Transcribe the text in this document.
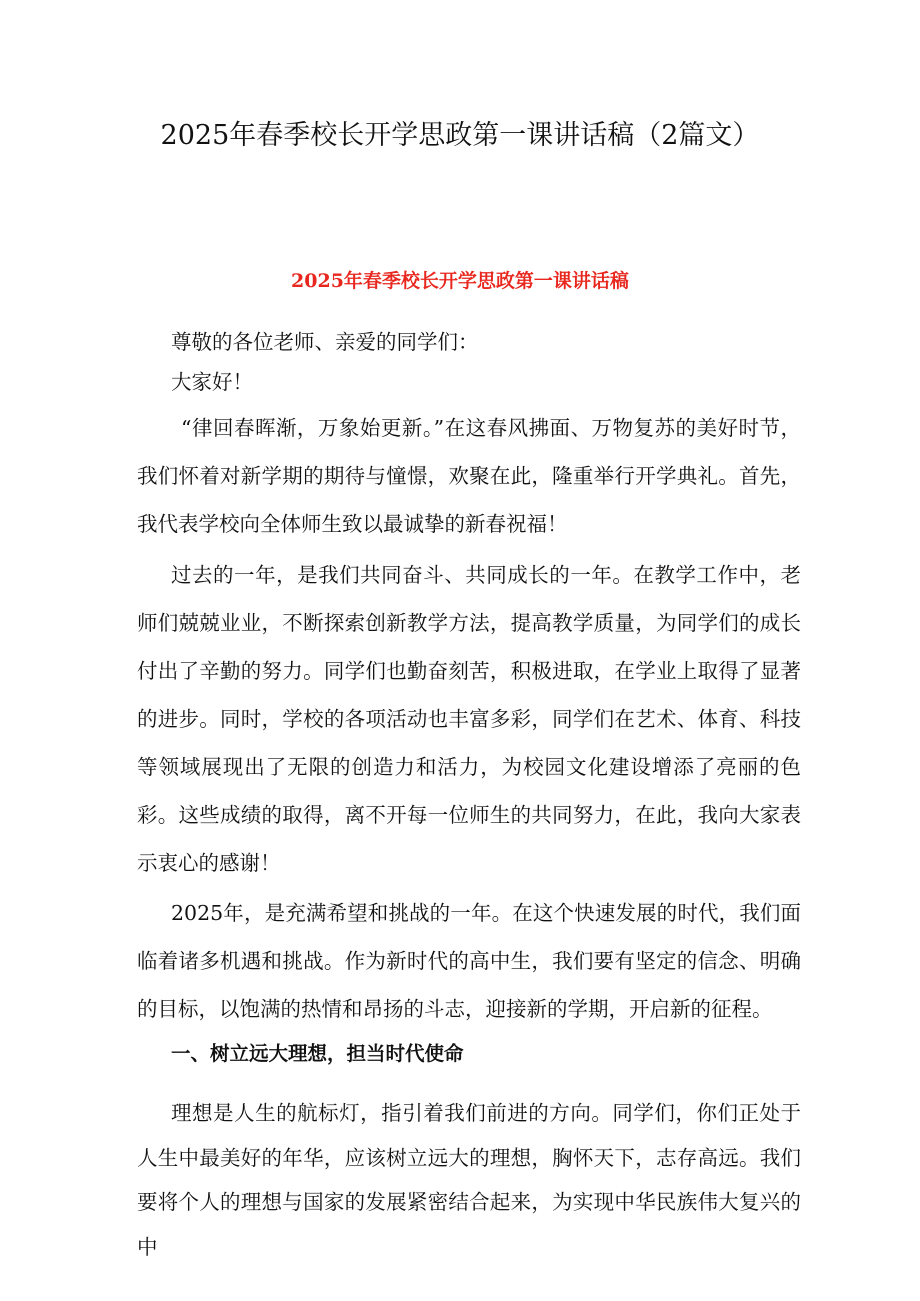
2025年春季校长开学思政第一课讲话稿（2篇文）
2025年春季校长开学思政第一课讲话稿

尊敬的各位老师、亲爱的同学们：

大家好！

“律回春晖渐，万象始更新。”在这春风拂面、万物复苏的美好时节，我们怀着对新学期的期待与憧憬，欢聚在此，隆重举行开学典礼。首先，我代表学校向全体师生致以最诚挚的新春祝福！

过去的一年，是我们共同奋斗、共同成长的一年。在教学工作中，老师们兢兢业业，不断探索创新教学方法，提高教学质量，为同学们的成长付出了辛勤的努力。同学们也勤奋刻苦，积极进取，在学业上取得了显著的进步。同时，学校的各项活动也丰富多彩，同学们在艺术、体育、科技等领域展现出了无限的创造力和活力，为校园文化建设增添了亮丽的色彩。这些成绩的取得，离不开每一位师生的共同努力，在此，我向大家表示衷心的感谢！

2025年，是充满希望和挑战的一年。在这个快速发展的时代，我们面临着诸多机遇和挑战。作为新时代的高中生，我们要有坚定的信念、明确的目标，以饱满的热情和昂扬的斗志，迎接新的学期，开启新的征程。

一、树立远大理想，担当时代使命

理想是人生的航标灯，指引着我们前进的方向。同学们，你们正处于人生中最美好的年华，应该树立远大的理想，胸怀天下，志存高远。我们要将个人的理想与国家的发展紧密结合起来，为实现中华民族伟大复兴的中
